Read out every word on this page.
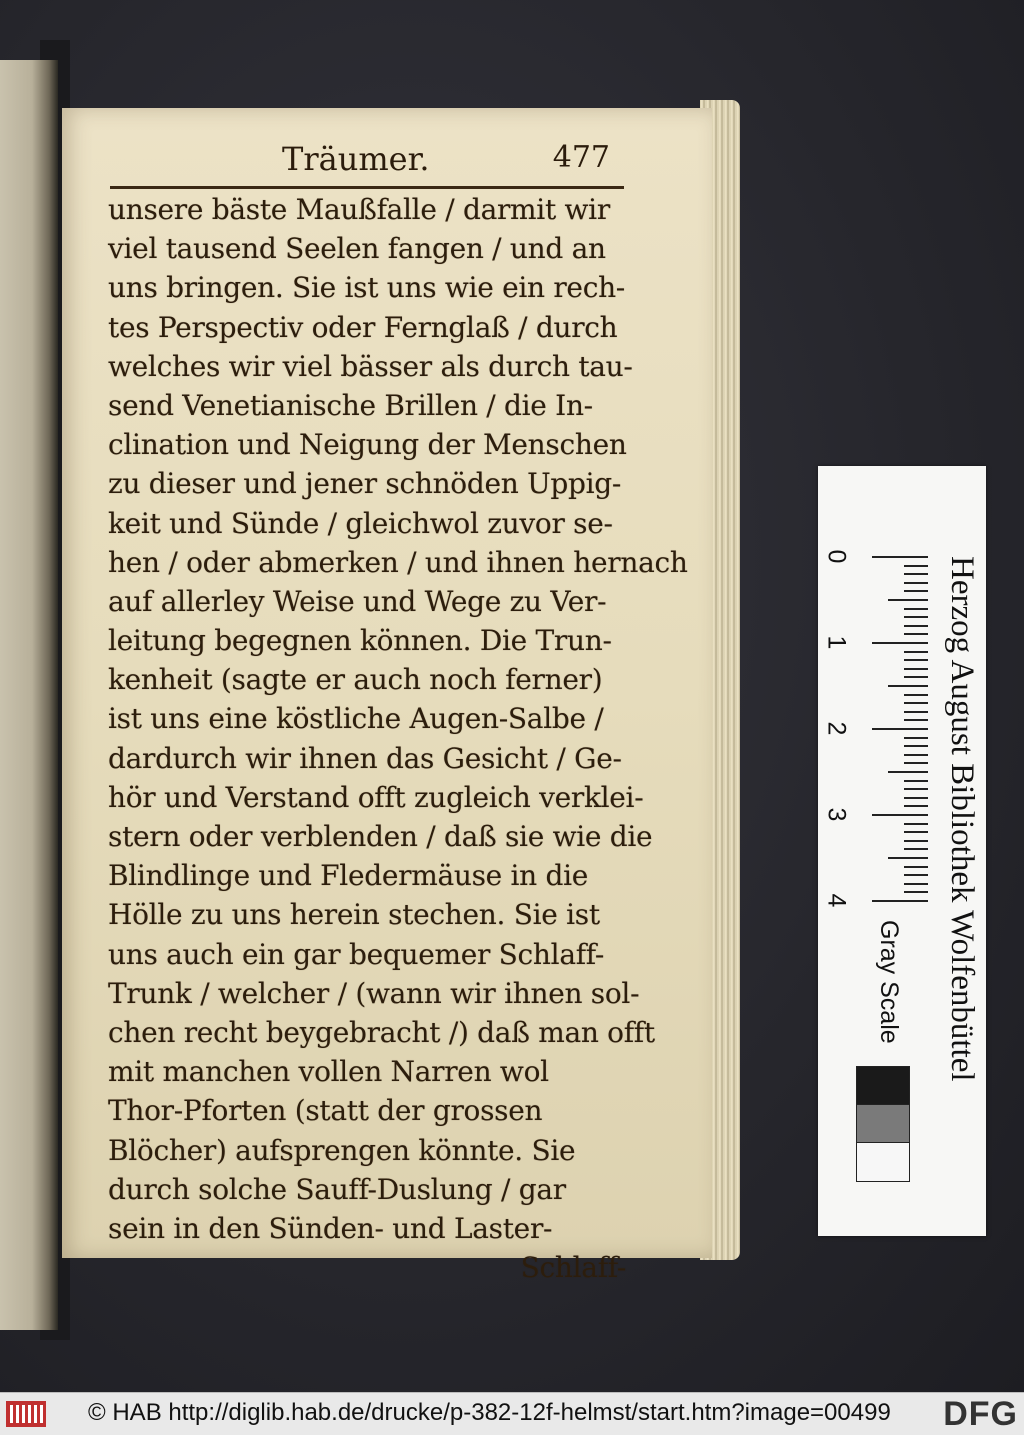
Träumer.	477
unsere bäste Maußfalle / darmit wir
viel tausend Seelen fangen / und an
uns bringen. Sie ist uns wie ein rech-
tes Perspectiv oder Fernglaß / durch
welches wir viel bässer als durch tau-
send Venetianische Brillen / die In-
clination und Neigung der Menschen
zu dieser und jener schnöden Uppig-
keit und Sünde / gleichwol zuvor se-
hen / oder abmerken / und ihnen hernach
auf allerley Weise und Wege zu Ver-
leitung begegnen können. Die Trun-
kenheit (sagte er auch noch ferner)
ist uns eine köstliche Augen-Salbe /
dardurch wir ihnen das Gesicht / Ge-
hör und Verstand offt zugleich verklei-
stern oder verblenden / daß sie wie die
Blindlinge und Fledermäuse in die
Hölle zu uns herein stechen. Sie ist
uns auch ein gar bequemer Schlaff-
Trunk / welcher / (wann wir ihnen sol-
chen recht beygebracht /) daß man offt
mit manchen vollen Narren wol
Thor-Pforten (statt der grossen
Blöcher) aufsprengen könnte. Sie
durch solche Sauff-Duslung / gar
sein in den Sünden- und Laster-
Schlaff-
Herzog August Bibliothek Wolfenbüttel
Gray Scale
0
1
2
3
4
© HAB http://diglib.hab.de/drucke/p-382-12f-helmst/start.htm?image=00499 DFG
